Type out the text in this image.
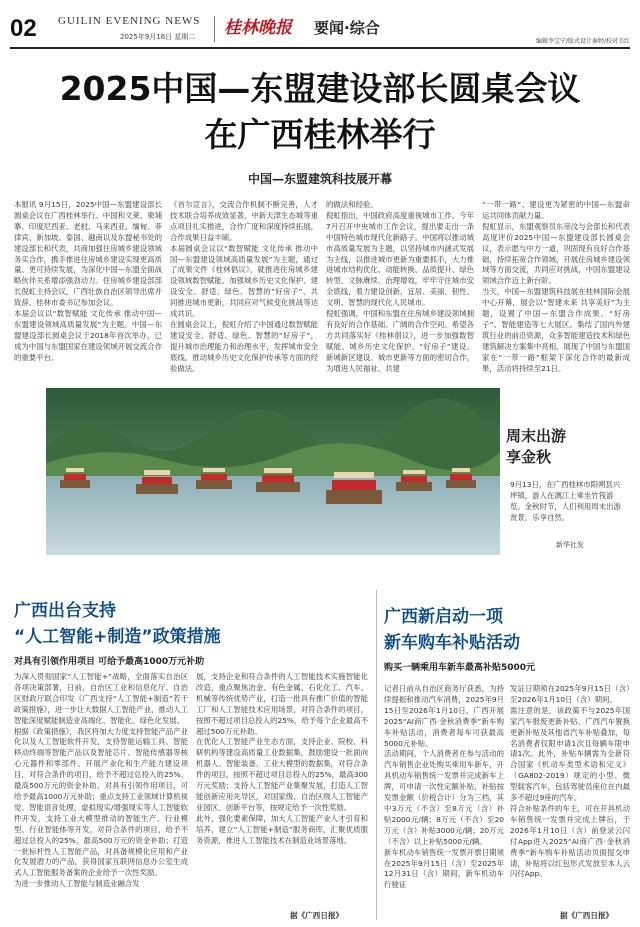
02 GUILIN EVENING NEWS
2025年9月16日 星期二 桂林晚报 要闻·综合
编辑李宝宁/版式设计秦婷/校对韦红
2025中国—东盟建设部长圆桌会议
在广西桂林举行
中国—东盟建筑科技展开幕
本报讯 9月15日，2025中国—东盟建设部长圆桌会议在广西桂林举行。中国和文莱、柬埔寨、印度尼西亚、老挝、马来西亚、缅甸、菲律宾、新加坡、泰国、越南以及东盟秘书处的建设部长和代表，共商加强住房城乡建设领域务实合作，携手推进住房城乡建设实现更高质量、更可持续发展，为深化中国—东盟全面战略伙伴关系增添强劲动力。住房城乡建设部部长倪虹主持会议，广西壮族自治区领导出席并致辞。桂林市委书记参加会议。
本届会议以“数智赋能 文化传承 推动中国—东盟建设领域高质量发展”为主题。中国—东盟建设部长圆桌会议于2018年首次举办，已成为中国与东盟国家在建设领域开展交流合作的重要平台。
《首尔宣言》，交流合作机制不断完善，人才技术联合培养成效显著，中新天津生态城等重点项目扎实推进，合作广度和深度持续拓展，合作成果日益丰硕。
本届圆桌会议以“数智赋能 文化传承 推动中国—东盟建设领域高质量发展”为主题，通过了成果文件《桂林倡议》，就推进住房城乡建设领域数智赋能、加强城乡历史文化保护、建设安全、舒适、绿色、智慧的“好房子”、共同推进城市更新，共同应对气候变化挑战等达成共识。
在圆桌会议上，倪虹介绍了中国通过数智赋能建设安全、舒适、绿色、智慧的“好房子”，提升城市治理能力和治理水平，发挥城市安全底线，推动城乡历史文化保护传承等方面的经验做法。
的做法和经验。
倪虹指出，中国政府高度重视城市工作。今年7月召开中央城市工作会议，提出要走出一条中国特色城市现代化新路子。中国将以推动城市高质量发展为主题，以坚持城市内涵式发展为主线，以推进城市更新为重要抓手，大力推进城市结构优化、动能转换、品质提升、绿色转型、文脉赓续、治理增效，牢牢守住城市安全底线，着力建设创新、宜居、美丽、韧性、文明、智慧的现代化人民城市。
倪虹强调，中国和东盟在住房城乡建设领域拥有良好的合作基础、广阔的合作空间。希望各方共同落实好《桂林倡议》，进一步加强数智赋能、城乡历史文化保护、“好房子”建设、新城新区建设、城市更新等方面的密切合作，为增进人民福祉、共建
“一带一路”、建设更为紧密的中国—东盟命运共同体贡献力量。
倪虹显示，东盟观察员东帝汶与会部长和代表高度评价2025中国—东盟建设部长圆桌会议，表示愿与中方一道，巩固现有良好合作基础，持续拓宽合作领域，开展住房城乡建设领域等方面交流，共同应对挑战，中国东盟建设领域合作迈上新台阶。
当天，中国—东盟建筑科技展在桂林国际会展中心开幕，展会以“智建未来 共享美好”为主题，设置了中国—东盟合作成果、“好房子”、智能建造等七大展区。集结了国内外建筑行业的前沿资源，众多智能建造技术和绿色建筑解决方案集中亮相，展现了中国与东盟国家在“一带一路”框架下深化合作的最新成果，活动将持续至21日。
周末出游
享金秋
9月13日，在广西桂林市阳朔县兴坪镇，游人在漓江上乘坐竹筏游览。金秋时节，人们利用周末出游赏景，乐享自然。
新华社发
广西出台支持
“人工智能+制造”政策措施
对具有引领作用项目 可给予最高1000万元补助
为深入贯彻国家“人工智能+”战略，全面落实自治区各项决策部署，日前，自治区工业和信息化厅、自治区财政厅联合印发《广西支持“人工智能+制造”若干政策措施》，进一步让大数据人工智能产业，推动人工智能深度赋能制造业高端化、智能化、绿色化发展。
根据《政策措施》，我区将加大力度支持智能产品产业化以及人工智能软件开发，支持智能运输工具、智能移动终端等智能产品以及智能芯片、智能传感器等核心元器件和零部件、开展产业化和生产能力建设项目，对符合条件的项目，给予不超过总投入的25%、最高500万元的资金补助。对具有引领作用项目，可给予最高1000万元补助；重点支持工业领域计算机视觉、智能语音处理、虚拟现实/增强现实等人工智能软件开发，支持工业大模型推动的智能生产、行业模型、行业智能体等开发，对符合条件的项目，给予不超过总投入的25%，最高500万元的资金补助；打造一批标杆性人工智能产品，对具备规模化应用和产业化发展潜力的产品，获得国家互联网信息办公室生成式人工智能服务备案的企业给予一次性奖励。
为进一步推动人工智能与制造业融合发
展，支持企业和符合条件的人工智能技术实施智能化改造，重点聚焦冶金、有色金属、石化化工、汽车、机械等传统优势产业，打造一批具有推广价值的智能工厂和人工智能技术应用场景，对符合条件的项目，按照不超过项目总投入的25%，给予每个企业最高不超过500万元补助。
在优化人工智能产业生态方面，支持企业、院校、科研机构等建设高质量工业数据集，鼓励建设一批面向机器人、智能装备、工业大模型的数据集，对符合条件的项目，按照不超过项目总投入的25%，最高300万元奖励；支持人工智能产业集聚发展，打造人工智能创新应用先导区，对国家级、自治区级人工智能产业园区、创新平台等，按规定给予一次性奖励。
此外，强化要素保障，加大人工智能产业人才引育和培养，建立“人工智能+制造”服务商库，汇聚优质服务资源，推进人工智能技术在制造业场景落地。
据《广西日报》
广西新启动一项
新车购车补贴活动
购买一辆乘用车新车最高补贴5000元
记者日前从自治区商务厅获悉，为持续提振和推动汽车消费，2025年9月15日至2026年1月10日，广西开展2025“AI商广西·金秋消费季”新车购车补贴活动，消费者每车可获最高5000元补贴。
活动期间，个人消费者在参与活动的汽车销售企业处购买乘用车新车，开具机动车销售统一发票并完成新车上牌，可申请一次性定额补贴，补贴按发票金额（价税合计）分为三档，其中3万元（不含）至8万元（含）补贴2000元/辆；8万元（不含）至20万元（含）补贴3000元/辆；20万元（不含）以上补贴5000元/辆。
新车机动车销售统一发票开票日期须在2025年9月15日（含）至2025年12月31日（含）期间，新车机动车行驶证
发证日期须在2025年9月15日（含）至2026年1月10日（含）期间。
需注意的是，该政策不与2025年国家汽车报废更新补贴、广西汽车置换更新补贴及其他省汽车补贴叠加，每名消费者仅限申请1次且每辆车限申请1次。此外，补贴车辆需为全新符合国家《机动车类型术语和定义》（GA802-2019）规定的小型、微型载客汽车，包括驾驶员座位在内最多不超过9座的汽车。
符合补贴条件的车主，可在开具机动车销售统一发票并完成上牌后，于2026年1月10日（含）前登录云闪付App进入2025“AI商广西·金秋消费季”新车购车补贴活动页面提交申请，补贴将以红包形式发放至本人云闪付App。
据《广西日报》
